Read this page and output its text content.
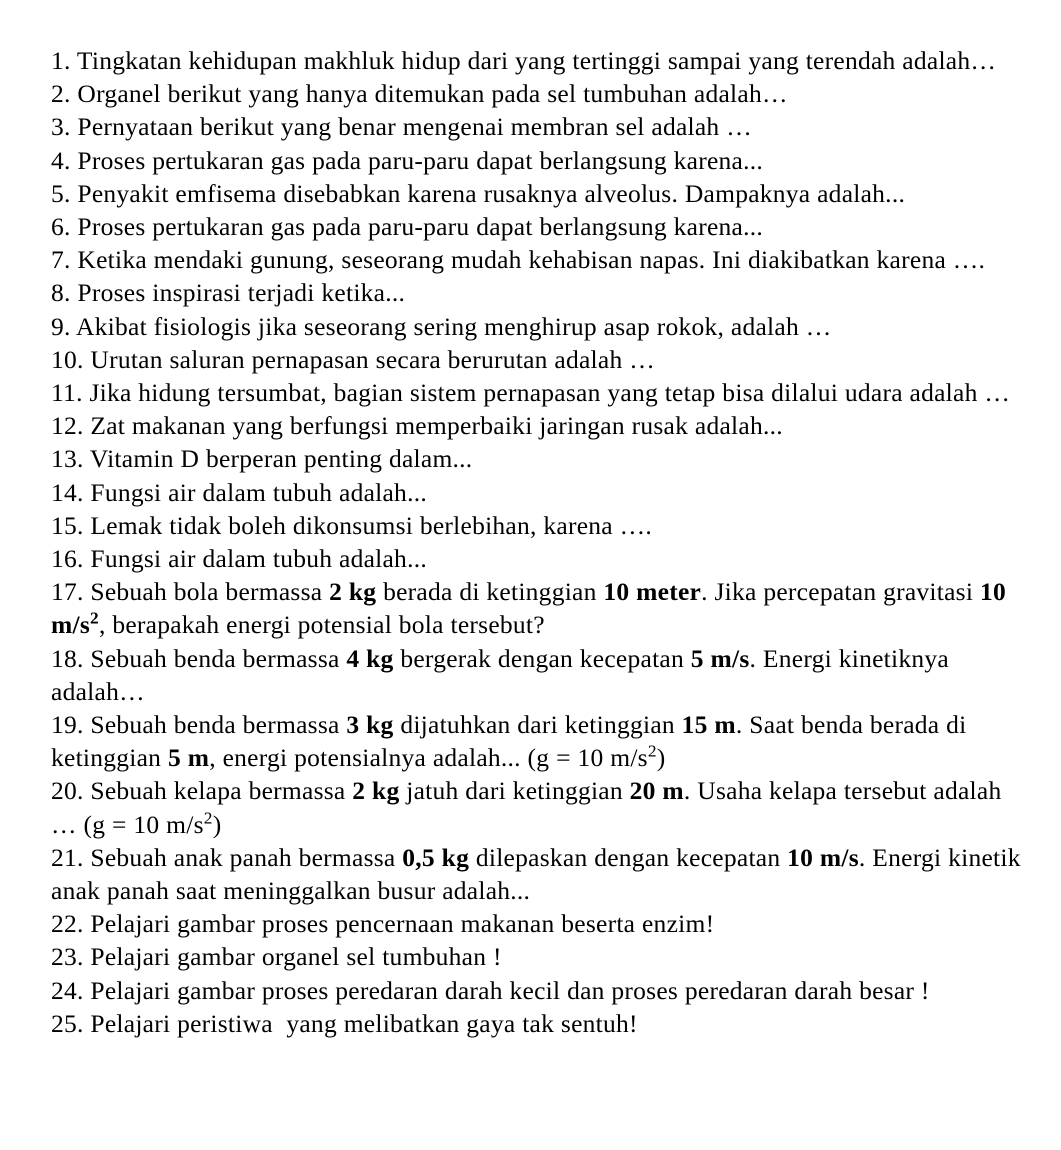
1. Tingkatan kehidupan makhluk hidup dari yang tertinggi sampai yang terendah adalah…
2. Organel berikut yang hanya ditemukan pada sel tumbuhan adalah…
3. Pernyataan berikut yang benar mengenai membran sel adalah …
4. Proses pertukaran gas pada paru-paru dapat berlangsung karena...
5. Penyakit emfisema disebabkan karena rusaknya alveolus. Dampaknya adalah...
6. Proses pertukaran gas pada paru-paru dapat berlangsung karena...
7. Ketika mendaki gunung, seseorang mudah kehabisan napas. Ini diakibatkan karena ….
8. Proses inspirasi terjadi ketika...
9. Akibat fisiologis jika seseorang sering menghirup asap rokok, adalah …
10. Urutan saluran pernapasan secara berurutan adalah …
11. Jika hidung tersumbat, bagian sistem pernapasan yang tetap bisa dilalui udara adalah …
12. Zat makanan yang berfungsi memperbaiki jaringan rusak adalah...
13. Vitamin D berperan penting dalam...
14. Fungsi air dalam tubuh adalah...
15. Lemak tidak boleh dikonsumsi berlebihan, karena ….
16. Fungsi air dalam tubuh adalah...
17. Sebuah bola bermassa 2 kg berada di ketinggian 10 meter. Jika percepatan gravitasi 10 $m/s^2$, berapakah energi potensial bola tersebut?
18. Sebuah benda bermassa 4 kg bergerak dengan kecepatan 5 m/s. Energi kinetiknya adalah…
19. Sebuah benda bermassa 3 kg dijatuhkan dari ketinggian 15 m. Saat benda berada di ketinggian 5 m, energi potensialnya adalah... (g = 10 $m/s^2$)
20. Sebuah kelapa bermassa 2 kg jatuh dari ketinggian 20 m. Usaha kelapa tersebut adalah … (g = 10 $m/s^2$)
21. Sebuah anak panah bermassa 0,5 kg dilepaskan dengan kecepatan 10 m/s. Energi kinetik anak panah saat meninggalkan busur adalah...
22. Pelajari gambar proses pencernaan makanan beserta enzim!
23. Pelajari gambar organel sel tumbuhan !
24. Pelajari gambar proses peredaran darah kecil dan proses peredaran darah besar !
25. Pelajari peristiwa  yang melibatkan gaya tak sentuh!
